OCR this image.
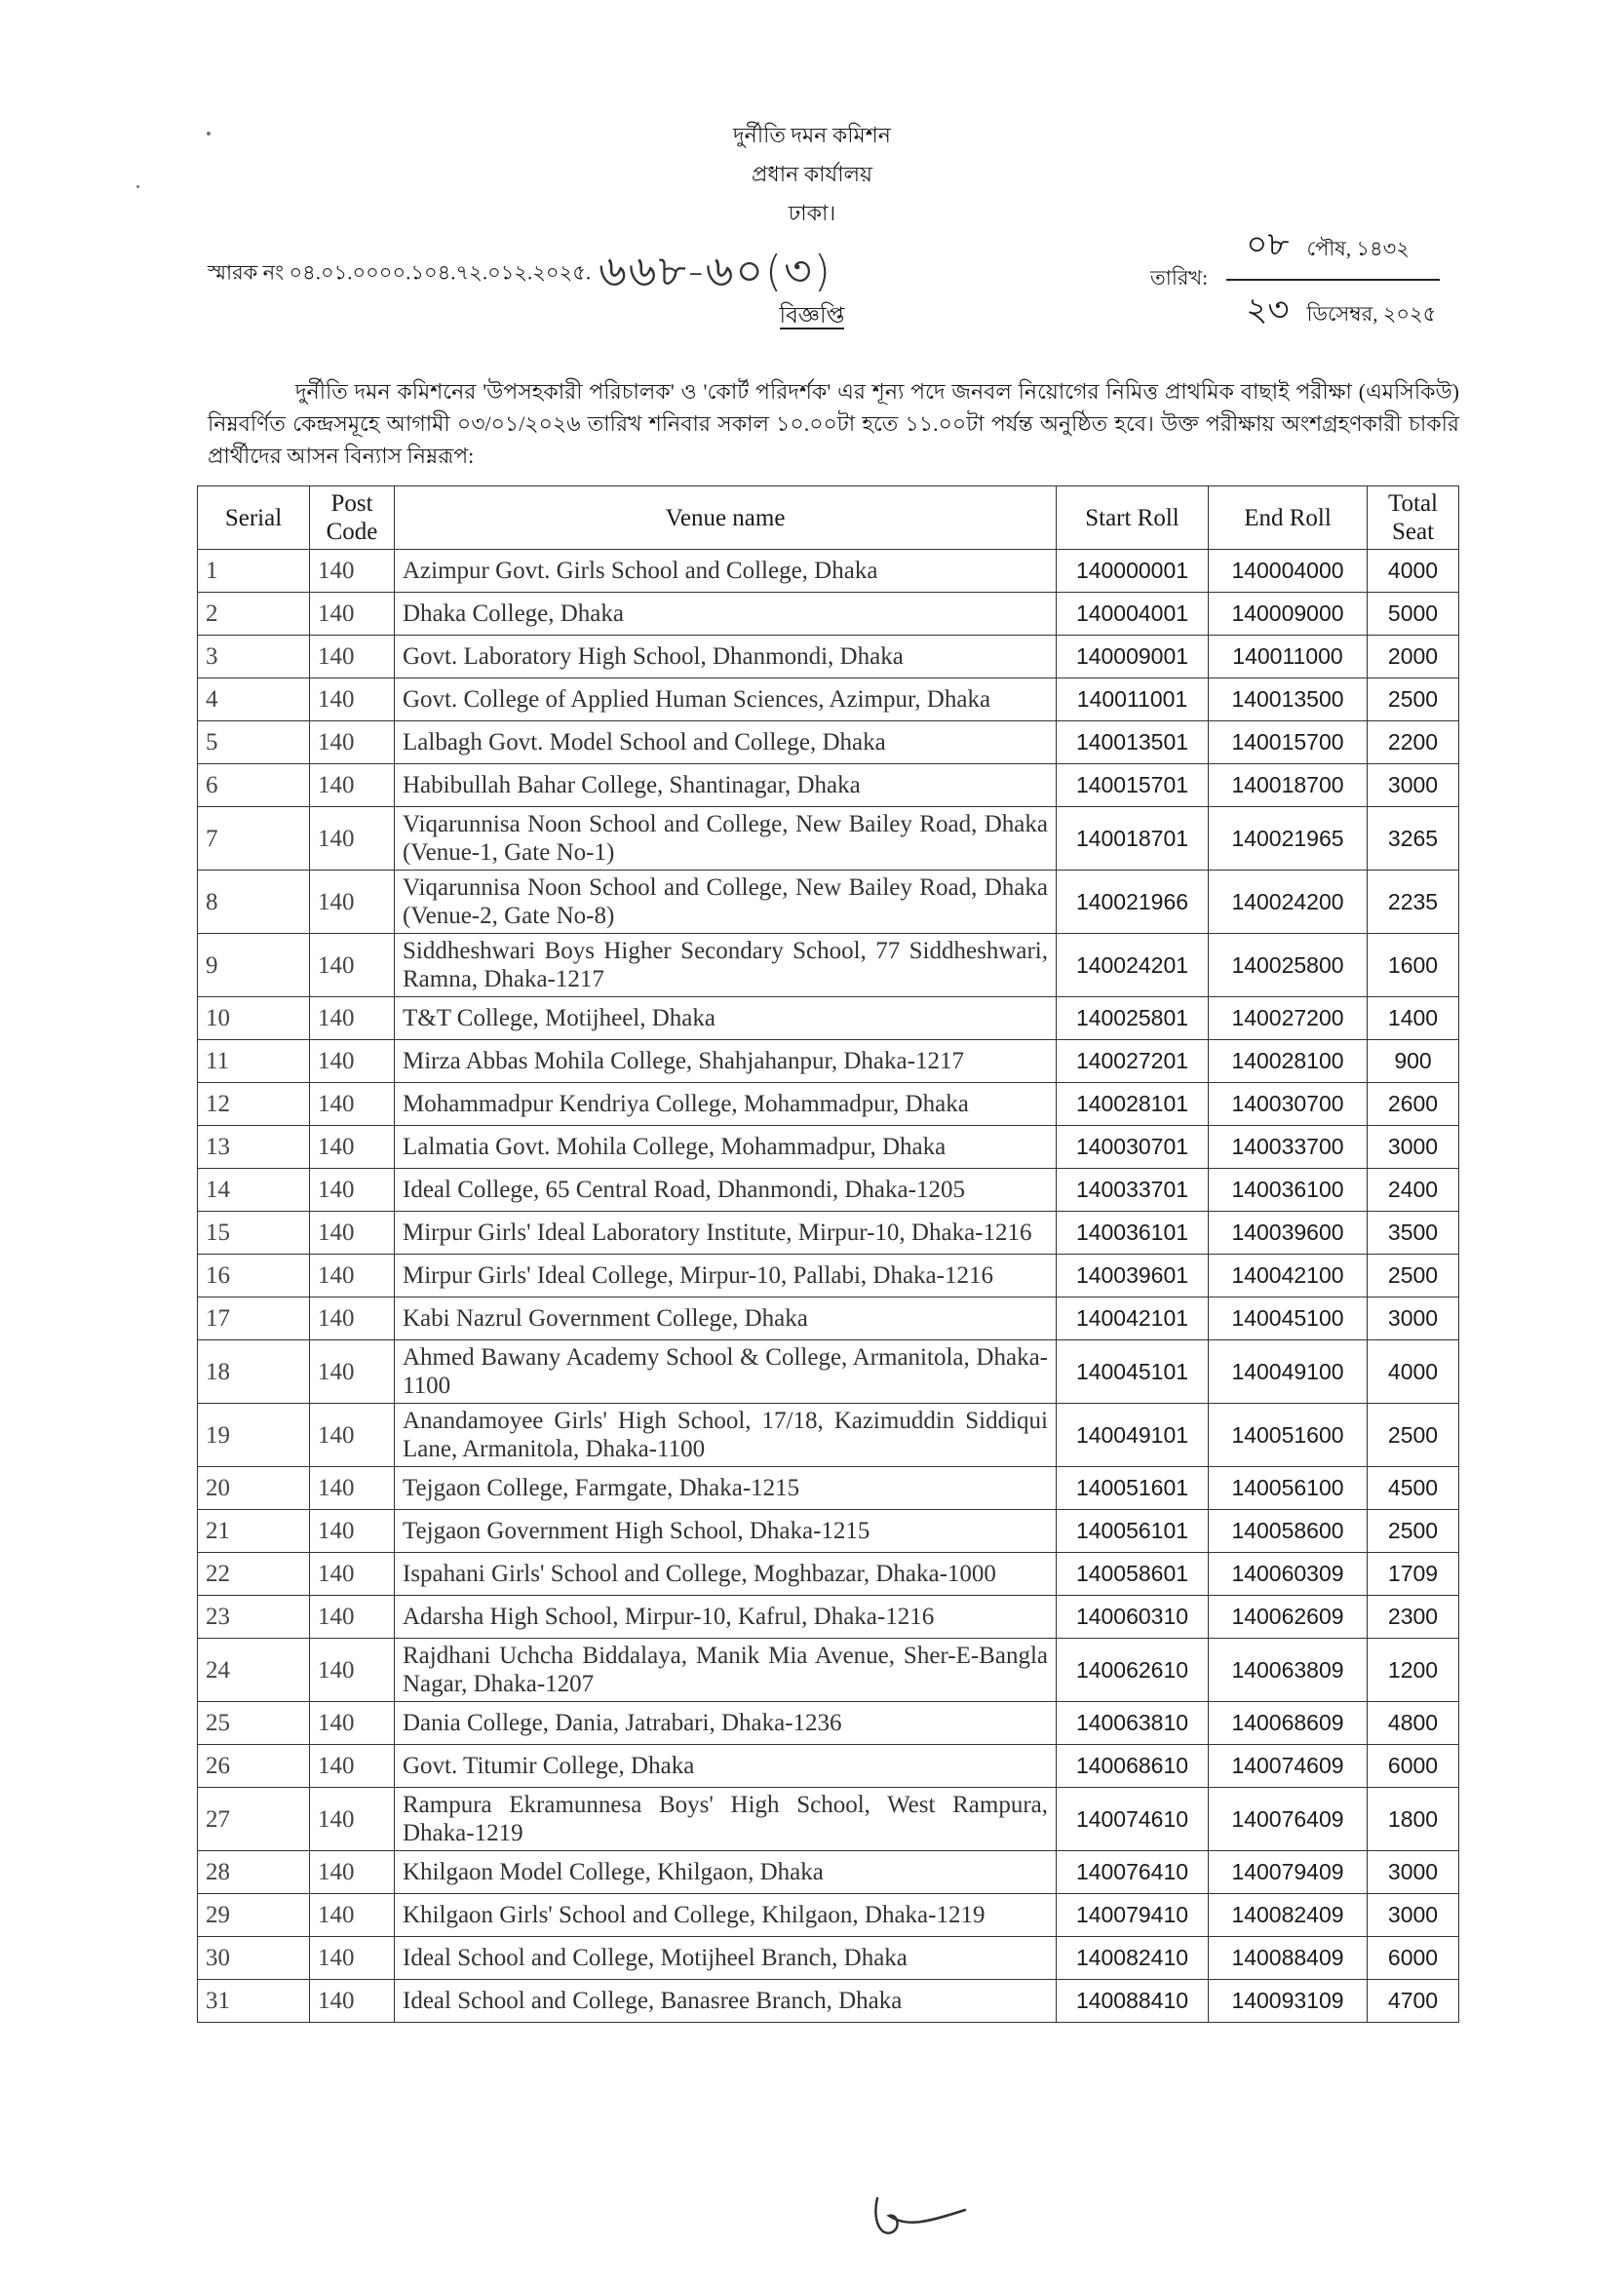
দুর্নীতি দমন কমিশন
প্রধান কার্যালয়
ঢাকা।
স্মারক নং ০৪.০১.০০০০.১০৪.৭২.০১২.২০২৫. ৬৬৮-৬০(৩)	তারিখ: $\frac{\text{০৮ পৌষ, ১৪৩২}}{\text{২৩ ডিসেম্বর, ২০২৫}}$
বিজ্ঞপ্তি
দুর্নীতি দমন কমিশনের 'উপসহকারী পরিচালক' ও 'কোর্ট পরিদর্শক' এর শূন্য পদে জনবল নিয়োগের নিমিত্ত প্রাথমিক বাছাই পরীক্ষা (এমসিকিউ) নিম্নবর্ণিত কেন্দ্রসমূহে আগামী ০৩/০১/২০২৬ তারিখ শনিবার সকাল ১০.০০টা হতে ১১.০০টা পর্যন্ত অনুষ্ঠিত হবে। উক্ত পরীক্ষায় অংশগ্রহণকারী চাকরি প্রার্থীদের আসন বিন্যাস নিম্নরূপ:
Serial	Post Code	Venue name	Start Roll	End Roll	Total Seat
1	140	Azimpur Govt. Girls School and College, Dhaka	140000001	140004000	4000
2	140	Dhaka College, Dhaka	140004001	140009000	5000
3	140	Govt. Laboratory High School, Dhanmondi, Dhaka	140009001	140011000	2000
4	140	Govt. College of Applied Human Sciences, Azimpur, Dhaka	140011001	140013500	2500
5	140	Lalbagh Govt. Model School and College, Dhaka	140013501	140015700	2200
6	140	Habibullah Bahar College, Shantinagar, Dhaka	140015701	140018700	3000
7	140	Viqarunnisa Noon School and College, New Bailey Road, Dhaka (Venue-1, Gate No-1)	140018701	140021965	3265
8	140	Viqarunnisa Noon School and College, New Bailey Road, Dhaka (Venue-2, Gate No-8)	140021966	140024200	2235
9	140	Siddheshwari Boys Higher Secondary School, 77 Siddheshwari, Ramna, Dhaka-1217	140024201	140025800	1600
10	140	T&T College, Motijheel, Dhaka	140025801	140027200	1400
11	140	Mirza Abbas Mohila College, Shahjahanpur, Dhaka-1217	140027201	140028100	900
12	140	Mohammadpur Kendriya College, Mohammadpur, Dhaka	140028101	140030700	2600
13	140	Lalmatia Govt. Mohila College, Mohammadpur, Dhaka	140030701	140033700	3000
14	140	Ideal College, 65 Central Road, Dhanmondi, Dhaka-1205	140033701	140036100	2400
15	140	Mirpur Girls' Ideal Laboratory Institute, Mirpur-10, Dhaka-1216	140036101	140039600	3500
16	140	Mirpur Girls' Ideal College, Mirpur-10, Pallabi, Dhaka-1216	140039601	140042100	2500
17	140	Kabi Nazrul Government College, Dhaka	140042101	140045100	3000
18	140	Ahmed Bawany Academy School & College, Armanitola, Dhaka-1100	140045101	140049100	4000
19	140	Anandamoyee Girls' High School, 17/18, Kazimuddin Siddiqui Lane, Armanitola, Dhaka-1100	140049101	140051600	2500
20	140	Tejgaon College, Farmgate, Dhaka-1215	140051601	140056100	4500
21	140	Tejgaon Government High School, Dhaka-1215	140056101	140058600	2500
22	140	Ispahani Girls' School and College, Moghbazar, Dhaka-1000	140058601	140060309	1709
23	140	Adarsha High School, Mirpur-10, Kafrul, Dhaka-1216	140060310	140062609	2300
24	140	Rajdhani Uchcha Biddalaya, Manik Mia Avenue, Sher-E-Bangla Nagar, Dhaka-1207	140062610	140063809	1200
25	140	Dania College, Dania, Jatrabari, Dhaka-1236	140063810	140068609	4800
26	140	Govt. Titumir College, Dhaka	140068610	140074609	6000
27	140	Rampura Ekramunnesa Boys' High School, West Rampura, Dhaka-1219	140074610	140076409	1800
28	140	Khilgaon Model College, Khilgaon, Dhaka	140076410	140079409	3000
29	140	Khilgaon Girls' School and College, Khilgaon, Dhaka-1219	140079410	140082409	3000
30	140	Ideal School and College, Motijheel Branch, Dhaka	140082410	140088409	6000
31	140	Ideal School and College, Banasree Branch, Dhaka	140088410	140093109	4700
